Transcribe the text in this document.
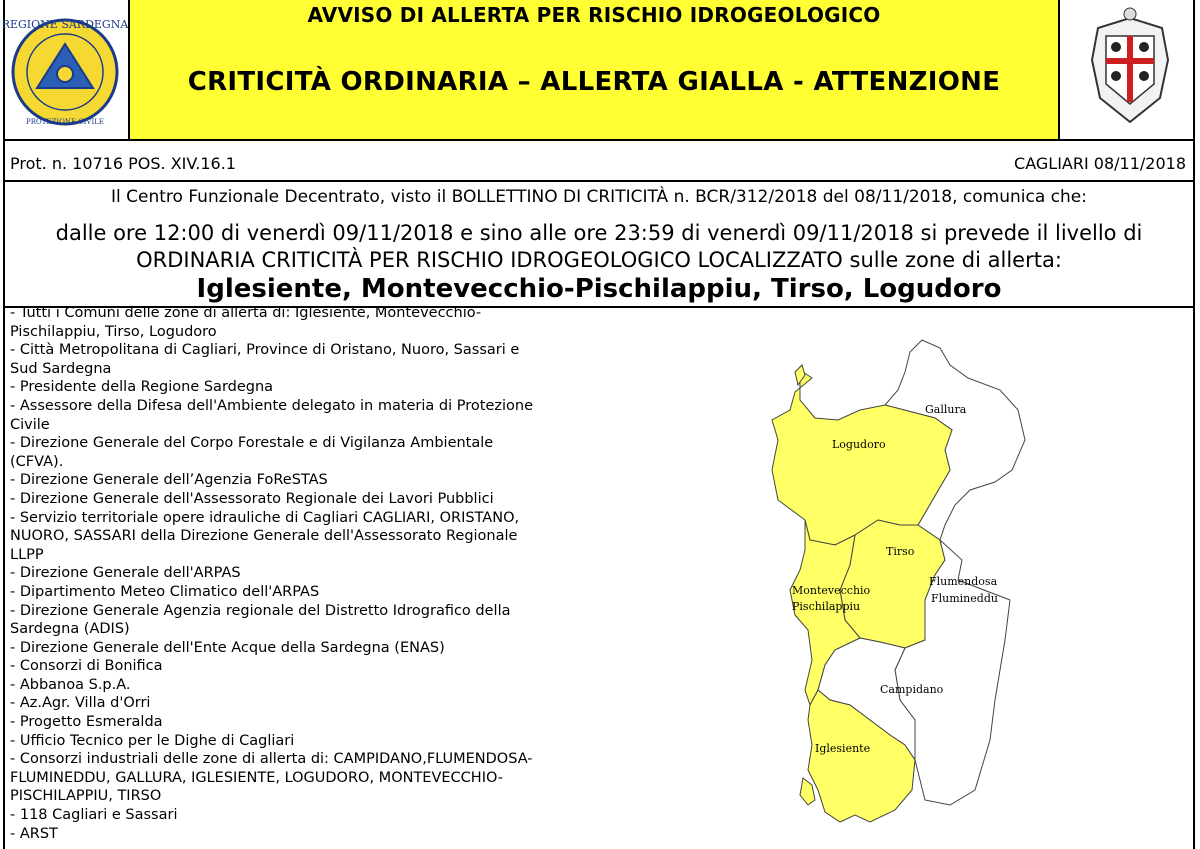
REGIONE SARDEGNA
PROTEZIONE CIVILE
AVVISO DI ALLERTA PER RISCHIO IDROGEOLOGICO
CRITICITÀ ORDINARIA – ALLERTA GIALLA - ATTENZIONE
Prot. n. 10716 POS. XIV.16.1	CAGLIARI 08/11/2018
Il Centro Funzionale Decentrato, visto il BOLLETTINO DI CRITICITÀ n. BCR/312/2018 del 08/11/2018, comunica che:
dalle ore 12:00 di venerdì 09/11/2018 e sino alle ore 23:59 di venerdì 09/11/2018 si prevede il livello di
ORDINARIA CRITICITÀ PER RISCHIO IDROGEOLOGICO LOCALIZZATO sulle zone di allerta:
Iglesiente, Montevecchio-Pischilappiu, Tirso, Logudoro
- Tutti i Comuni delle zone di allerta di: Iglesiente, Montevecchio-
Pischilappiu, Tirso, Logudoro
- Città Metropolitana di Cagliari, Province di Oristano, Nuoro, Sassari e
Sud Sardegna
- Presidente della Regione Sardegna
- Assessore della Difesa dell'Ambiente delegato in materia di Protezione
Civile
- Direzione Generale del Corpo Forestale e di Vigilanza Ambientale
(CFVA).
- Direzione Generale dell’Agenzia FoReSTAS
- Direzione Generale dell'Assessorato Regionale dei Lavori Pubblici
- Servizio territoriale opere idrauliche di Cagliari CAGLIARI, ORISTANO,
NUORO, SASSARI della Direzione Generale dell'Assessorato Regionale
LLPP
- Direzione Generale dell'ARPAS
- Dipartimento Meteo Climatico dell'ARPAS
- Direzione Generale Agenzia regionale del Distretto Idrografico della
Sardegna (ADIS)
- Direzione Generale dell'Ente Acque della Sardegna (ENAS)
- Consorzi di Bonifica
- Abbanoa S.p.A.
- Az.Agr. Villa d'Orri
- Progetto Esmeralda
- Ufficio Tecnico per le Dighe di Cagliari
- Consorzi industriali delle zone di allerta di: CAMPIDANO,FLUMENDOSA-
FLUMINEDDU, GALLURA, IGLESIENTE, LOGUDORO, MONTEVECCHIO-
PISCHILAPPIU, TIRSO
- 118 Cagliari e Sassari
- ARST
Gallura
Logudoro
Tirso
Flumendosa
Flumineddu
Montevecchio
Pischilappiu
Campidano
Iglesiente
